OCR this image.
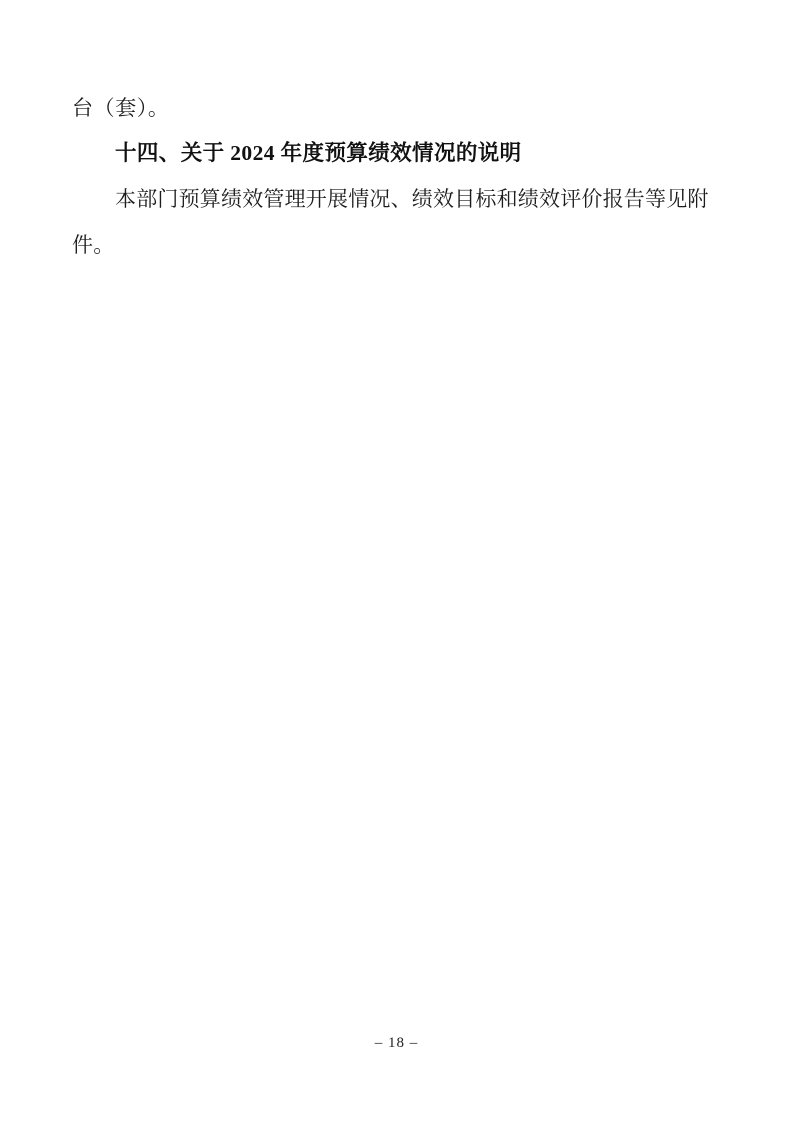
台（套）。
十四、关于 2024 年度预算绩效情况的说明
本部门预算绩效管理开展情况、绩效目标和绩效评价报告等见附
件。
– 18 –
